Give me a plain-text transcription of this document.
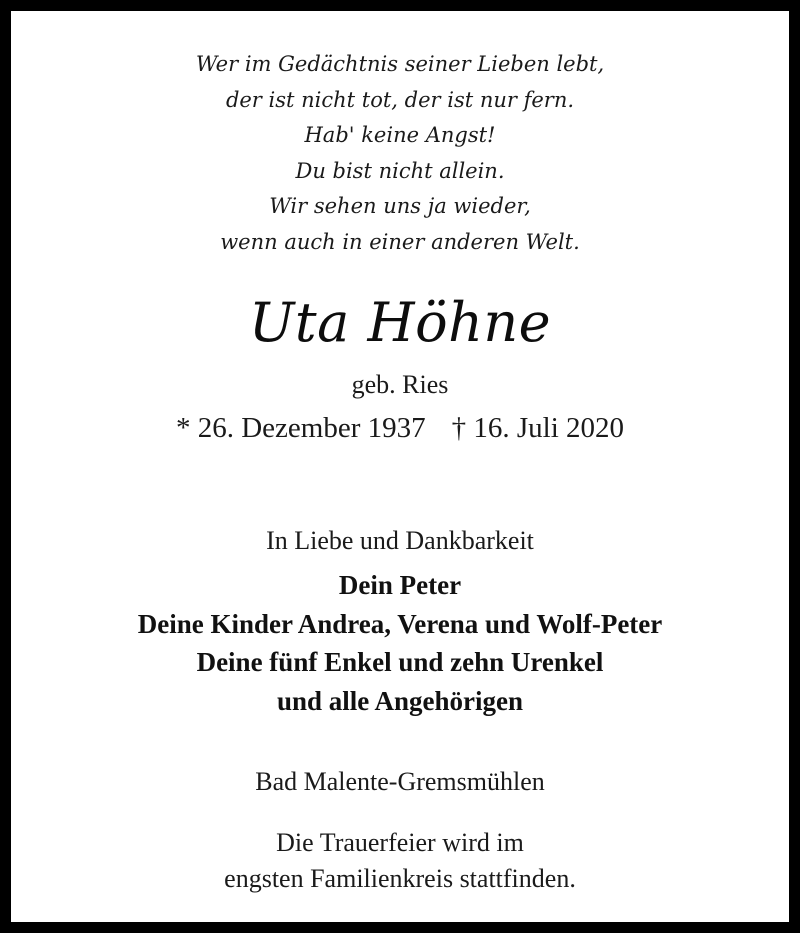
Wer im Gedächtnis seiner Lieben lebt,
der ist nicht tot, der ist nur fern.
Hab' keine Angst!
Du bist nicht allein.
Wir sehen uns ja wieder,
wenn auch in einer anderen Welt.
Uta Höhne
geb. Ries
* 26. Dezember 1937 † 16. Juli 2020
In Liebe und Dankbarkeit
Dein Peter
Deine Kinder Andrea, Verena und Wolf-Peter
Deine fünf Enkel und zehn Urenkel
und alle Angehörigen
Bad Malente-Gremsmühlen
Die Trauerfeier wird im
engsten Familienkreis stattfinden.
